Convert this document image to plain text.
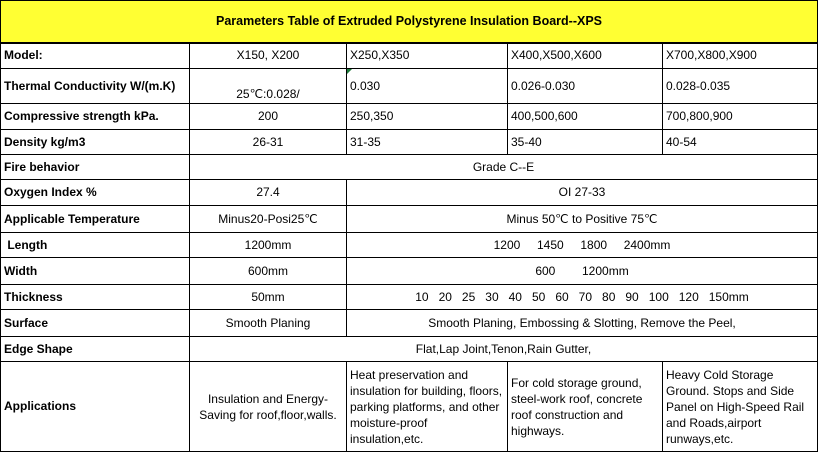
Parameters Table of Extruded Polystyrene Insulation Board--XPS				
Model:	X150, X200	X250,X350	X400,X500,X600	X700,X800,X900
Thermal Conductivity W/(m.K)	25℃:0.028/	0.030	0.026-0.030	0.028-0.035
Compressive strength kPa.	200	250,350	400,500,600	700,800,900
Density kg/m3	26-31	31-35	35-40	40-54
Fire behavior	Grade C--E			
Oxygen Index %	27.4	OI 27-33		
Applicable Temperature	Minus20-Posi25℃	Minus 50℃ to Positive 75℃		
Length	1200mm	1200     1450     1800     2400mm		
Width	600mm	600        1200mm		
Thickness	50mm	10   20   25   30   40   50   60   70   80   90   100   120   150mm		
Surface	Smooth Planing	Smooth Planing, Embossing & Slotting, Remove the Peel,		
Edge Shape	Flat,Lap Joint,Tenon,Rain Gutter,			
Applications	Insulation and Energy-Saving for roof,floor,walls.	Heat preservation and insulation for building, floors, parking platforms, and other moisture-proof insulation,etc.	For cold storage ground, steel-work roof, concrete roof construction and highways.	Heavy Cold Storage Ground. Stops and Side Panel on High-Speed Rail and Roads,airport runways,etc.
